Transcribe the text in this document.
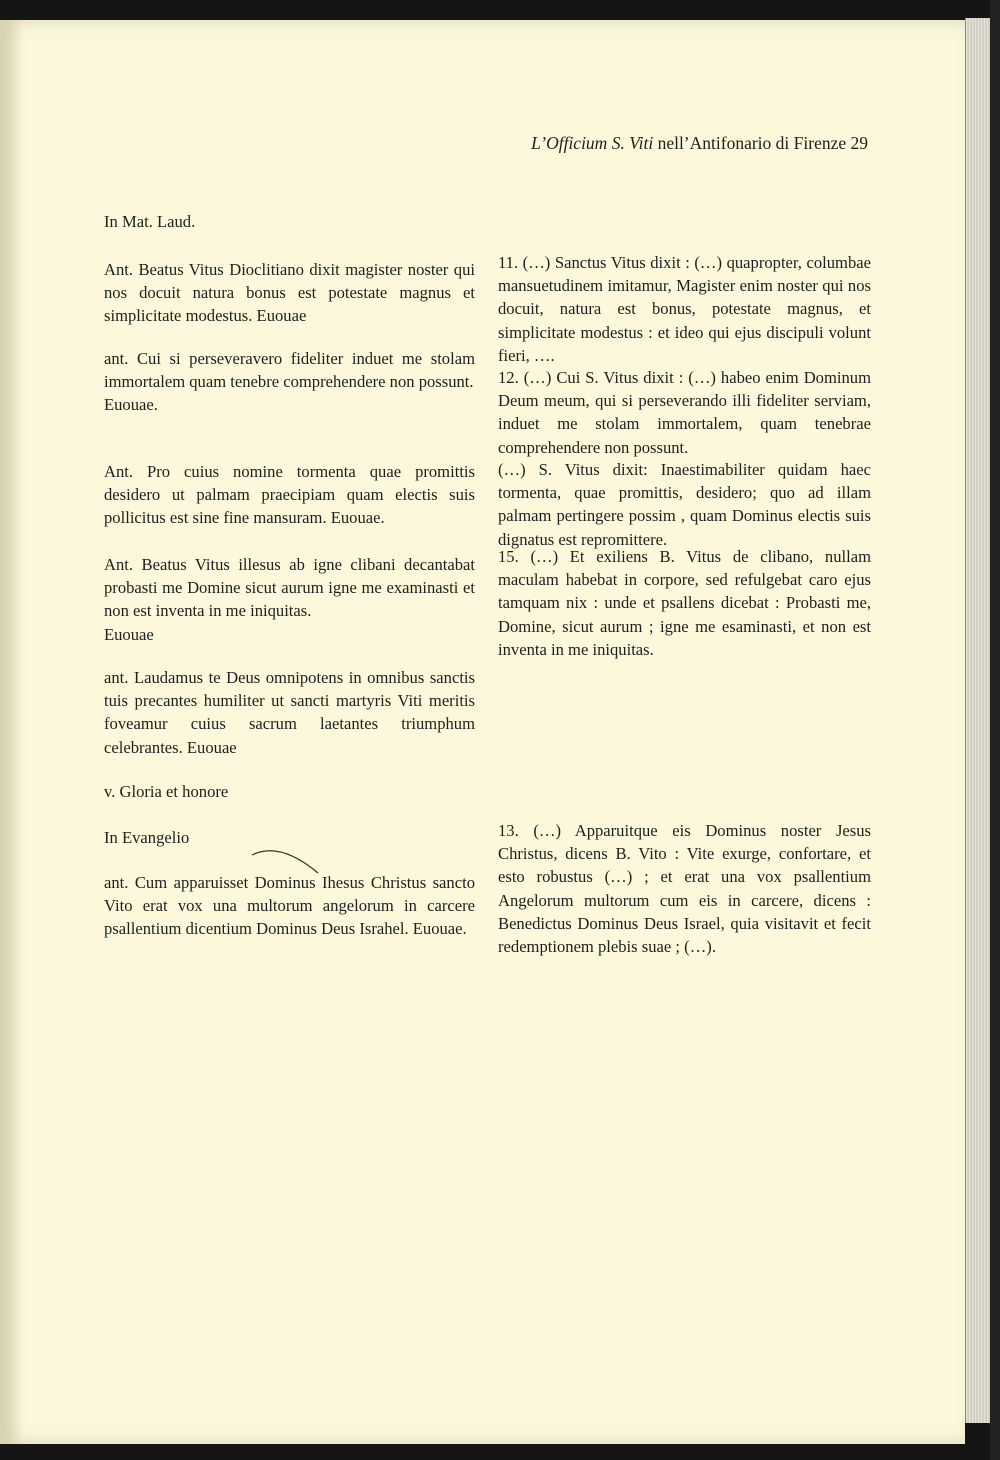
L’Officium S. Viti nell’Antifonario di Firenze 29
In Mat. Laud.
Ant. Beatus Vitus Dioclitiano dixit magister noster qui nos docuit natura bonus est potestate magnus et simplicitate modestus. Euouae

ant. Cui si perseveravero fideliter induet me stolam immortalem quam tenebre comprehendere non possunt.

Euouae.

Ant. Pro cuius nomine tormenta quae promittis desidero ut palmam praecipiam quam electis suis pollicitus est sine fine mansuram. Euouae.

Ant. Beatus Vitus illesus ab igne clibani decantabat probasti me Domine sicut aurum igne me examinasti et non est inventa in me iniquitas.

Euouae

ant. Laudamus te Deus omnipotens in omnibus sanctis tuis precantes humiliter ut sancti martyris Viti meritis foveamur cuius sacrum laetantes triumphum celebrantes. Euouae
v. Gloria et honore
In Evangelio
ant. Cum apparuisset Dominus Ihesus Christus sancto Vito erat vox una multorum angelorum in carcere psallentium dicentium Dominus Deus Israhel. Euouae.
11. (…) Sanctus Vitus dixit : (…) quapropter, columbae mansuetudinem imitamur, Magister enim noster qui nos docuit, natura est bonus, potestate magnus, et simplicitate modestus : et ideo qui ejus discipuli volunt fieri, ….
12. (…) Cui S. Vitus dixit : (…) habeo enim Dominum Deum meum, qui si perseverando illi fideliter serviam, induet me stolam immortalem, quam tenebrae comprehendere non possunt.
(…) S. Vitus dixit: Inaestimabiliter quidam haec tormenta, quae promittis, desidero; quo ad illam palmam pertingere possim , quam Dominus electis suis dignatus est repromittere.
15. (…) Et exiliens B. Vitus de clibano, nullam maculam habebat in corpore, sed refulgebat caro ejus tamquam nix : unde et psallens dicebat : Probasti me, Domine, sicut aurum ; igne me esaminasti, et non est inventa in me iniquitas.
13. (…) Apparuitque eis Dominus noster Jesus Christus, dicens B. Vito : Vite exurge, confortare, et esto robustus (…) ; et erat una vox psallentium Angelorum multorum cum eis in carcere, dicens : Benedictus Dominus Deus Israel, quia visitavit et fecit redemptionem plebis suae ; (…).
